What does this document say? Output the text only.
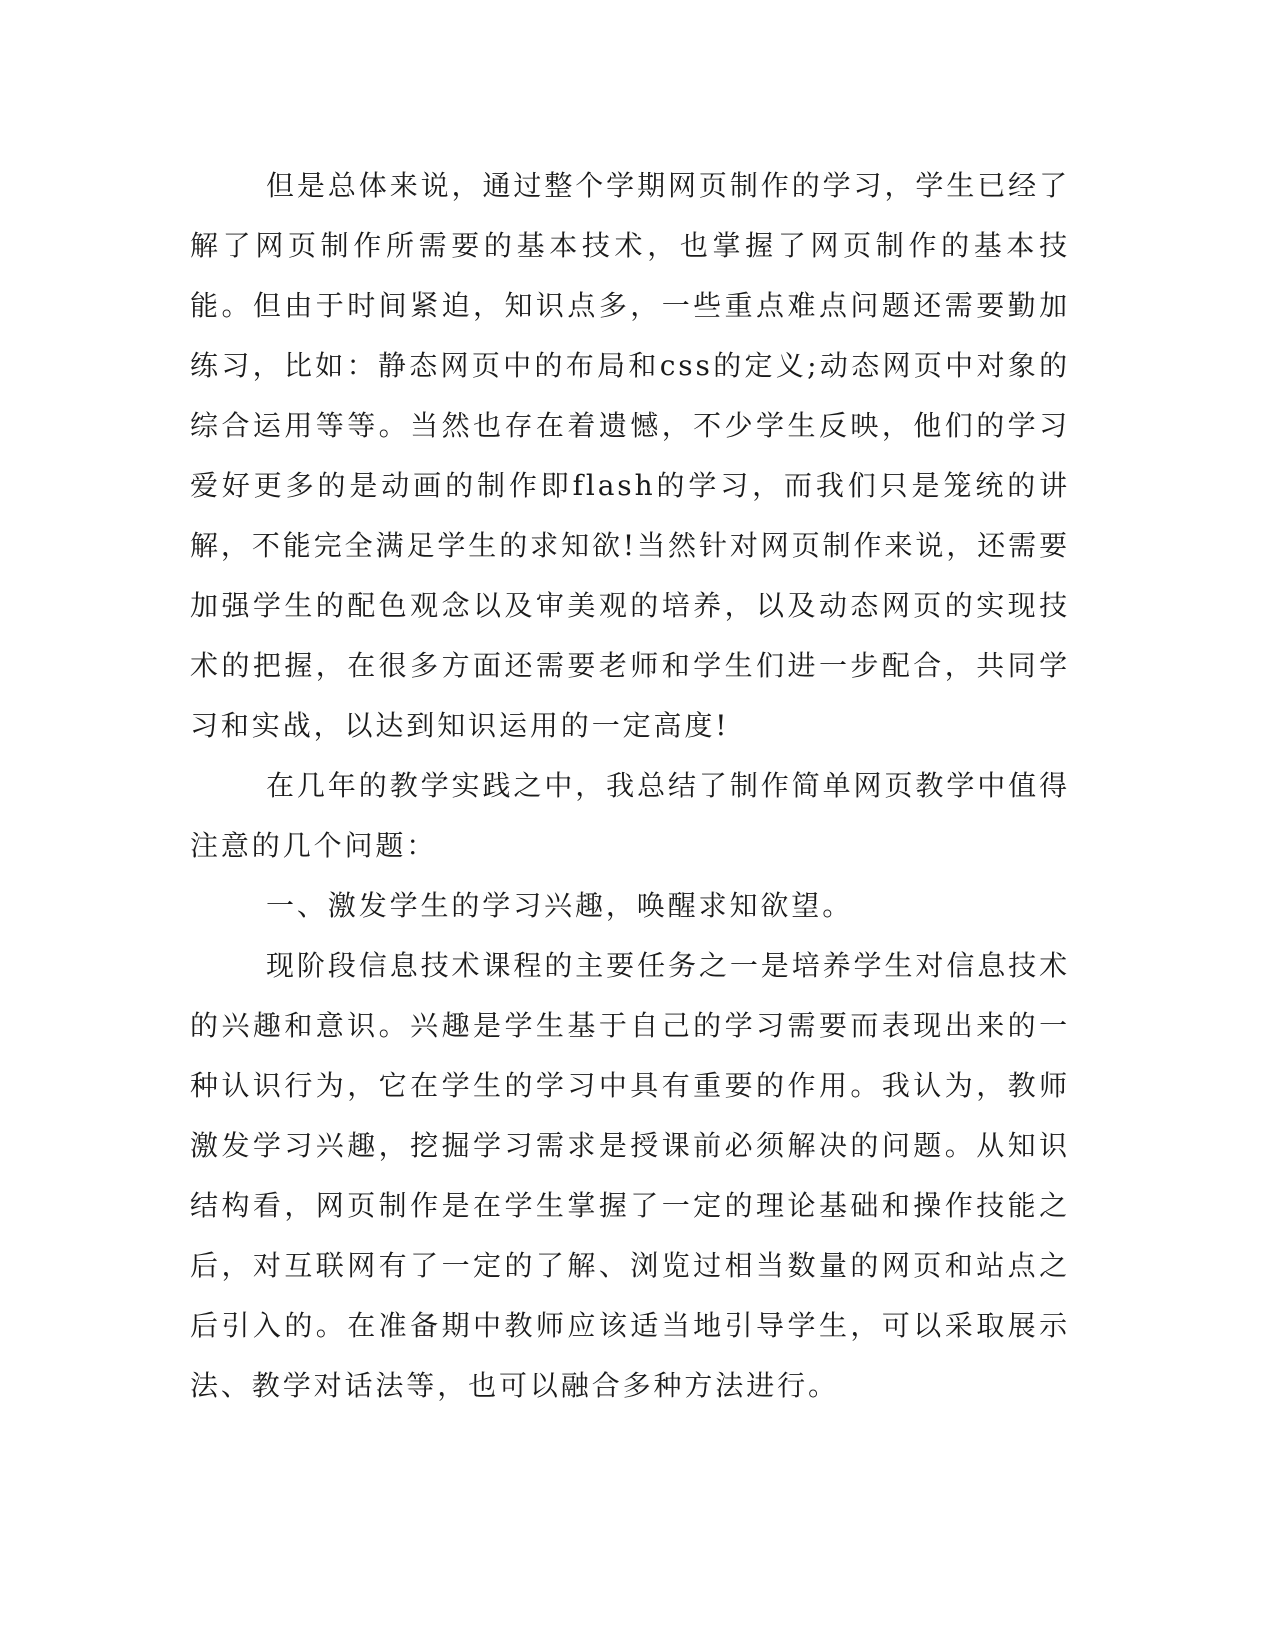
但是总体来说，通过整个学期网页制作的学习，学生已经了解了网页制作所需要的基本技术，也掌握了网页制作的基本技能。但由于时间紧迫，知识点多，一些重点难点问题还需要勤加练习，比如：静态网页中的布局和css的定义;动态网页中对象的综合运用等等。当然也存在着遗憾，不少学生反映，他们的学习爱好更多的是动画的制作即flash的学习，而我们只是笼统的讲解，不能完全满足学生的求知欲!当然针对网页制作来说，还需要加强学生的配色观念以及审美观的培养，以及动态网页的实现技术的把握，在很多方面还需要老师和学生们进一步配合，共同学习和实战，以达到知识运用的一定高度!

在几年的教学实践之中，我总结了制作简单网页教学中值得注意的几个问题：

一、激发学生的学习兴趣，唤醒求知欲望。

现阶段信息技术课程的主要任务之一是培养学生对信息技术的兴趣和意识。兴趣是学生基于自己的学习需要而表现出来的一种认识行为，它在学生的学习中具有重要的作用。我认为，教师激发学习兴趣，挖掘学习需求是授课前必须解决的问题。从知识结构看，网页制作是在学生掌握了一定的理论基础和操作技能之后，对互联网有了一定的了解、浏览过相当数量的网页和站点之后引入的。在准备期中教师应该适当地引导学生，可以采取展示法、教学对话法等，也可以融合多种方法进行。
